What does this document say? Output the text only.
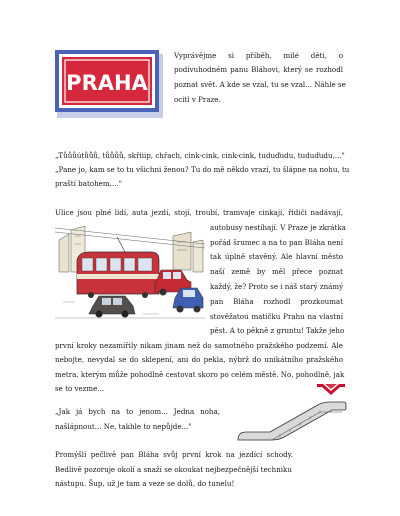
PRAHA
Vyprávějme si příběh, milé děti, o
podivuhodném panu Bláhovi, který se rozhodl
poznat svět. A kde se vzal, tu se vzal... Náhle se
ocitl v Praze.
„Tůůůútůůů, tůůůů, skřiiip, chřach, cink-cink, cink-cink, tuduďudu, tuduďudu,..."
„Pane jo, kam se to tu všichni ženou? Tu do mě někdo vrazí, tu šlápne na nohu, tu
praští batohem,..."
Ulice jsou plné lidí, auta jezdí, stojí, troubí, tramvaje cinkají, řidiči nadávají,
autobusy nestíhají. V Praze je zkrátka
pořád šrumec a na to pan Bláha není
tak úplně stavěný. Ale hlavní město
naší země by měl přece poznat
každý, že? Proto se i náš starý známý
pan Bláha rozhodl prozkoumat
stověžatou matičku Prahu na vlastní
pěst. A to pěkně z gruntu! Takže jeho
první kroky nezamířily nikam jinam než do samotného pražského podzemí. Ale
nebojte, nevydal se do sklepení, ani do pekla, nýbrž do unikátního pražského
metra, kterým může pohodlně cestovat skoro po celém městě. No, pohodlně, jak
se to vezme...
„Jak já bych na to jenom... Jedna noha,
našlápnout... Ne, takhle to nepůjde..."
Promýšlí pečlivě pan Bláha svůj první krok na jezdící schody.
Bedlivě pozoruje okolí a snaží se okoukat nejbezpečnější techniku
nástupu. Šup, už je tam a veze se dolů, do tunelu!
